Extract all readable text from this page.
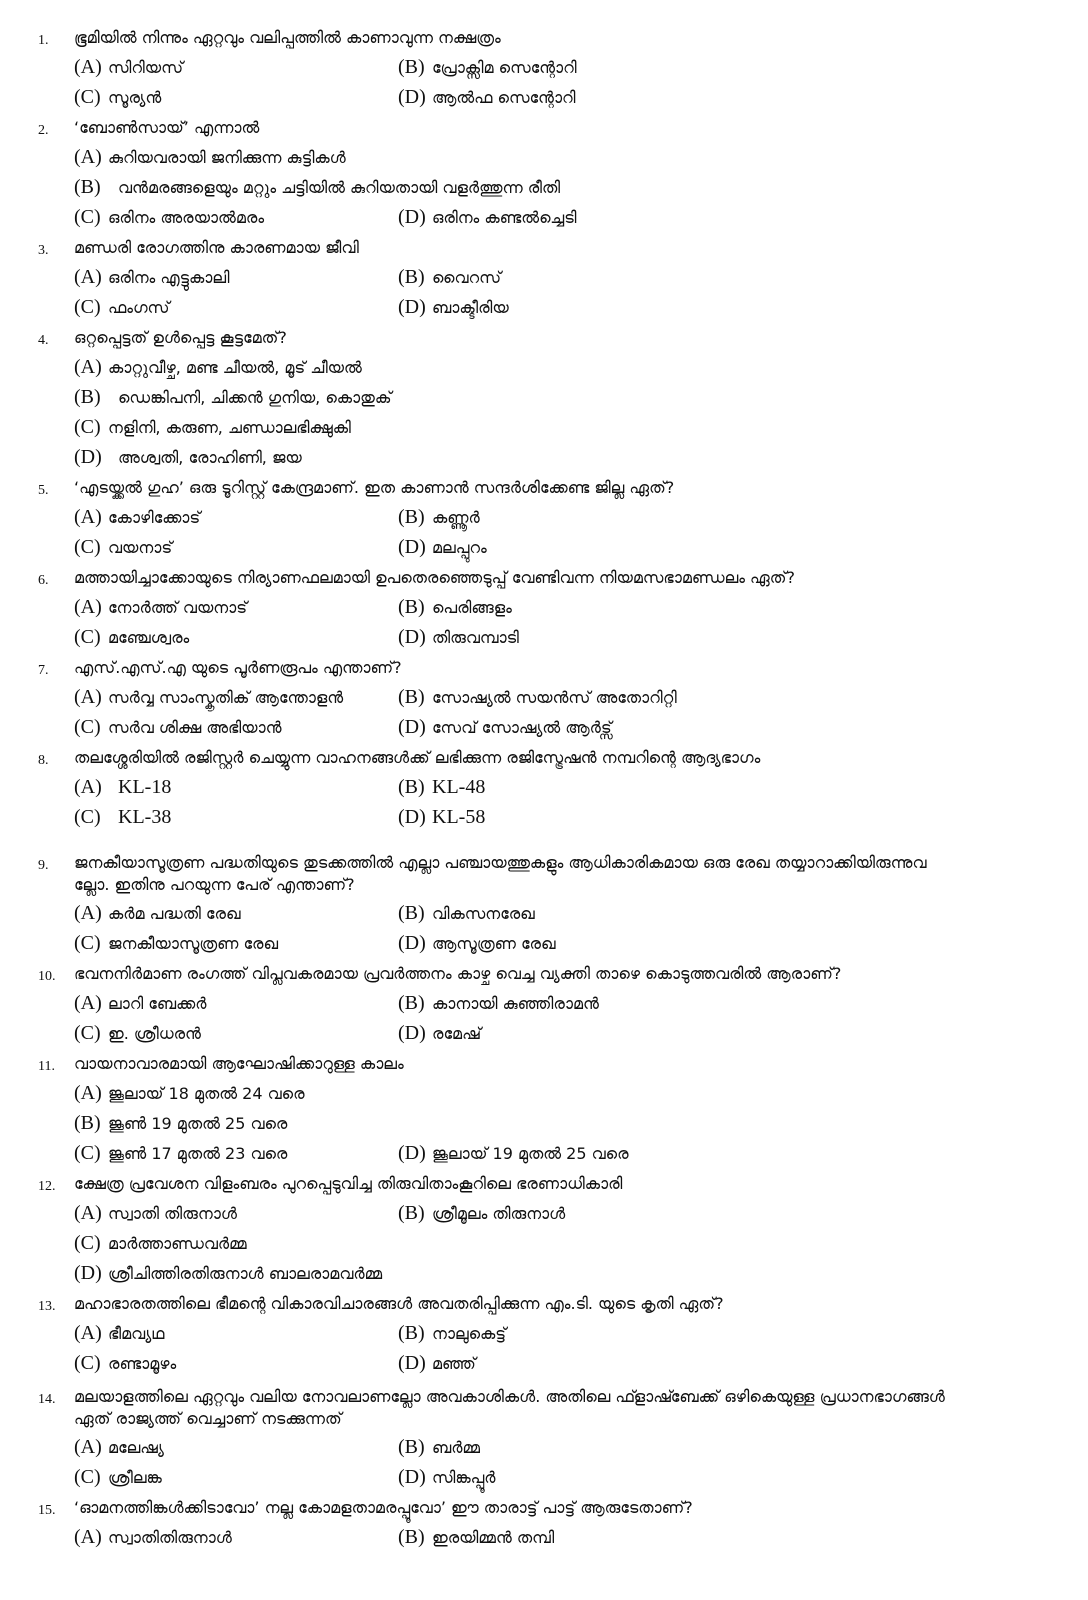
1. ഭൂമിയിൽ നിന്നും ഏറ്റവും വലിപ്പത്തിൽ കാണാവുന്ന നക്ഷത്രം
(A) സിറിയസ്	(B) പ്രോക്സിമ സെന്റോറി
(C) സൂര്യൻ	(D) ആൽഫ സെന്റോറി
2. ‘ബോൺസായ്’ എന്നാൽ
(A) കുറിയവരായി ജനിക്കുന്ന കുട്ടികൾ
(B)	വൻമരങ്ങളെയും മറ്റും ചട്ടിയിൽ കുറിയതായി വളർത്തുന്ന രീതി
(C) ഒരിനം അരയാൽമരം	(D) ഒരിനം കണ്ടൽച്ചെടി
3. മണ്ഡരി രോഗത്തിനു കാരണമായ ജീവി
(A) ഒരിനം എട്ടുകാലി	(B) വൈറസ്
(C) ഫംഗസ്	(D) ബാക്ടീരിയ
4. ഒറ്റപ്പെട്ടത് ഉൾപ്പെട്ട കൂട്ടമേത്?
(A) കാറ്റുവീഴ്ച, മണ്ട ചീയൽ, മൂട് ചീയൽ
(B)	ഡെങ്കിപനി, ചിക്കൻ ഗുനിയ, കൊതുക്
(C) നളിനി, കരുണ, ചണ്ഡാലഭിക്ഷുകി
(D)	അശ്വതി, രോഹിണി, ജയ
5. ‘എടയ്ക്കൽ ഗുഹ’ ഒരു ടൂറിസ്റ്റ് കേന്ദ്രമാണ്. ഇത കാണാൻ സന്ദർശിക്കേണ്ട ജില്ല ഏത്?
(A) കോഴിക്കോട്	(B) കണ്ണൂർ
(C) വയനാട്	(D) മലപ്പുറം
6. മത്തായിച്ചാക്കോയുടെ നിര്യാണഫലമായി ഉപതെരഞ്ഞെടുപ്പ് വേണ്ടിവന്ന നിയമസഭാമണ്ഡലം ഏത്?
(A) നോർത്ത് വയനാട്	(B) പെരിങ്ങളം
(C) മഞ്ചേശ്വരം	(D) തിരുവമ്പാടി
7. എസ്.എസ്.എ യുടെ പൂർണരൂപം എന്താണ്?
(A) സർവ്വ സാംസ്കൃതിക് ആന്തോളൻ	(B) സോഷ്യൽ സയൻസ് അതോറിറ്റി
(C) സർവ ശിക്ഷ അഭിയാൻ	(D) സേവ് സോഷ്യൽ ആർട്സ്
8. തലശ്ശേരിയിൽ രജിസ്റ്റർ ചെയ്യുന്ന വാഹനങ്ങൾക്ക് ലഭിക്കുന്ന രജിസ്ട്രേഷൻ നമ്പറിന്റെ ആദ്യഭാഗം
(A) KL-18	(B) KL-48
(C) KL-38	(D) KL-58
9. ജനകീയാസൂത്രണ പദ്ധതിയുടെ തുടക്കത്തിൽ എല്ലാ പഞ്ചായത്തുകളും ആധികാരികമായ ഒരു രേഖ തയ്യാറാക്കിയിരുന്നുവ
ല്ലോ. ഇതിനു പറയുന്ന പേര് എന്താണ്?
(A) കർമ പദ്ധതി രേഖ	(B) വികസനരേഖ
(C) ജനകീയാസൂത്രണ രേഖ	(D) ആസൂത്രണ രേഖ
10. ഭവനനിർമാണ രംഗത്ത് വിപ്ലവകരമായ പ്രവർത്തനം കാഴ്ച വെച്ച വ്യക്തി താഴെ കൊടുത്തവരിൽ ആരാണ്?
(A) ലാറി ബേക്കർ	(B) കാനായി കുഞ്ഞിരാമൻ
(C) ഇ. ശ്രീധരൻ	(D) രമേഷ്
11. വായനാവാരമായി ആഘോഷിക്കാറുള്ള കാലം
(A) ജൂലായ് 18 മുതൽ 24 വരെ
(B) ജൂൺ 19 മുതൽ 25 വരെ
(C) ജൂൺ 17 മുതൽ 23 വരെ	(D) ജൂലായ് 19 മുതൽ 25 വരെ
12. ക്ഷേത്ര പ്രവേശന വിളംബരം പുറപ്പെടുവിച്ച തിരുവിതാംകൂറിലെ ഭരണാധികാരി
(A) സ്വാതി തിരുനാൾ	(B) ശ്രീമൂലം തിരുനാൾ
(C) മാർത്താണ്ഡവർമ്മ
(D) ശ്രീചിത്തിരതിരുനാൾ ബാലരാമവർമ്മ
13. മഹാഭാരതത്തിലെ ഭീമന്റെ വികാരവിചാരങ്ങൾ അവതരിപ്പിക്കുന്ന എം.ടി. യുടെ കൃതി ഏത്?
(A) ഭീമവ്യഥ	(B) നാലുകെട്ട്
(C) രണ്ടാമൂഴം	(D) മഞ്ഞ്
14. മലയാളത്തിലെ ഏറ്റവും വലിയ നോവലാണല്ലോ അവകാശികൾ. അതിലെ ഫ്ളാഷ്ബേക്ക് ഒഴികെയുള്ള പ്രധാനഭാഗങ്ങൾ
ഏത് രാജ്യത്ത് വെച്ചാണ് നടക്കുന്നത്
(A) മലേഷ്യ	(B) ബർമ്മ
(C) ശ്രീലങ്ക	(D) സിങ്കപ്പൂർ
15. ‘ഓമനത്തിങ്കൾക്കിടാവോ’ നല്ല കോമളതാമരപ്പൂവോ’ ഈ താരാട്ട് പാട്ട് ആരുടേതാണ്?
(A) സ്വാതിതിരുനാൾ	(B) ഇരയിമ്മൻ തമ്പി
